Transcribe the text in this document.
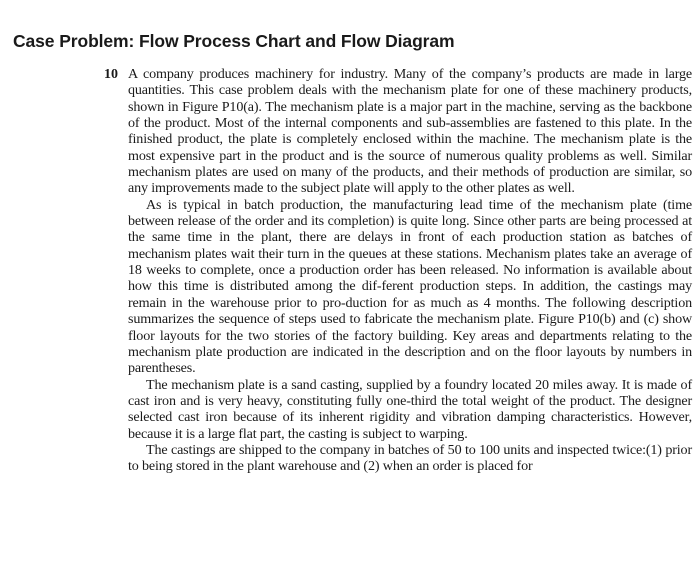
Case Problem: Flow Process Chart and Flow Diagram
10 A company produces machinery for industry. Many of the company’s products are made in large quantities. This case problem deals with the mechanism plate for one of these machinery products, shown in Figure P10(a). The mechanism plate is a major part in the machine, serving as the backbone of the product. Most of the internal components and sub-assemblies are fastened to this plate. In the finished product, the plate is completely enclosed within the machine. The mechanism plate is the most expensive part in the product and is the source of numerous quality problems as well. Similar mechanism plates are used on many of the products, and their methods of production are similar, so any improvements made to the subject plate will apply to the other plates as well.

As is typical in batch production, the manufacturing lead time of the mechanism plate (time between release of the order and its completion) is quite long. Since other parts are being processed at the same time in the plant, there are delays in front of each production station as batches of mechanism plates wait their turn in the queues at these stations. Mechanism plates take an average of 18 weeks to complete, once a production order has been released. No information is available about how this time is distributed among the dif-ferent production steps. In addition, the castings may remain in the warehouse prior to pro-duction for as much as 4 months. The following description summarizes the sequence of steps used to fabricate the mechanism plate. Figure P10(b) and (c) show floor layouts for the two stories of the factory building. Key areas and departments relating to the mechanism plate production are indicated in the description and on the floor layouts by numbers in parentheses.

The mechanism plate is a sand casting, supplied by a foundry located 20 miles away. It is made of cast iron and is very heavy, constituting fully one-third the total weight of the product. The designer selected cast iron because of its inherent rigidity and vibration damping characteristics. However, because it is a large flat part, the casting is subject to warping.

The castings are shipped to the company in batches of 50 to 100 units and inspected twice:(1) prior to being stored in the plant warehouse and (2) when an order is placed for
